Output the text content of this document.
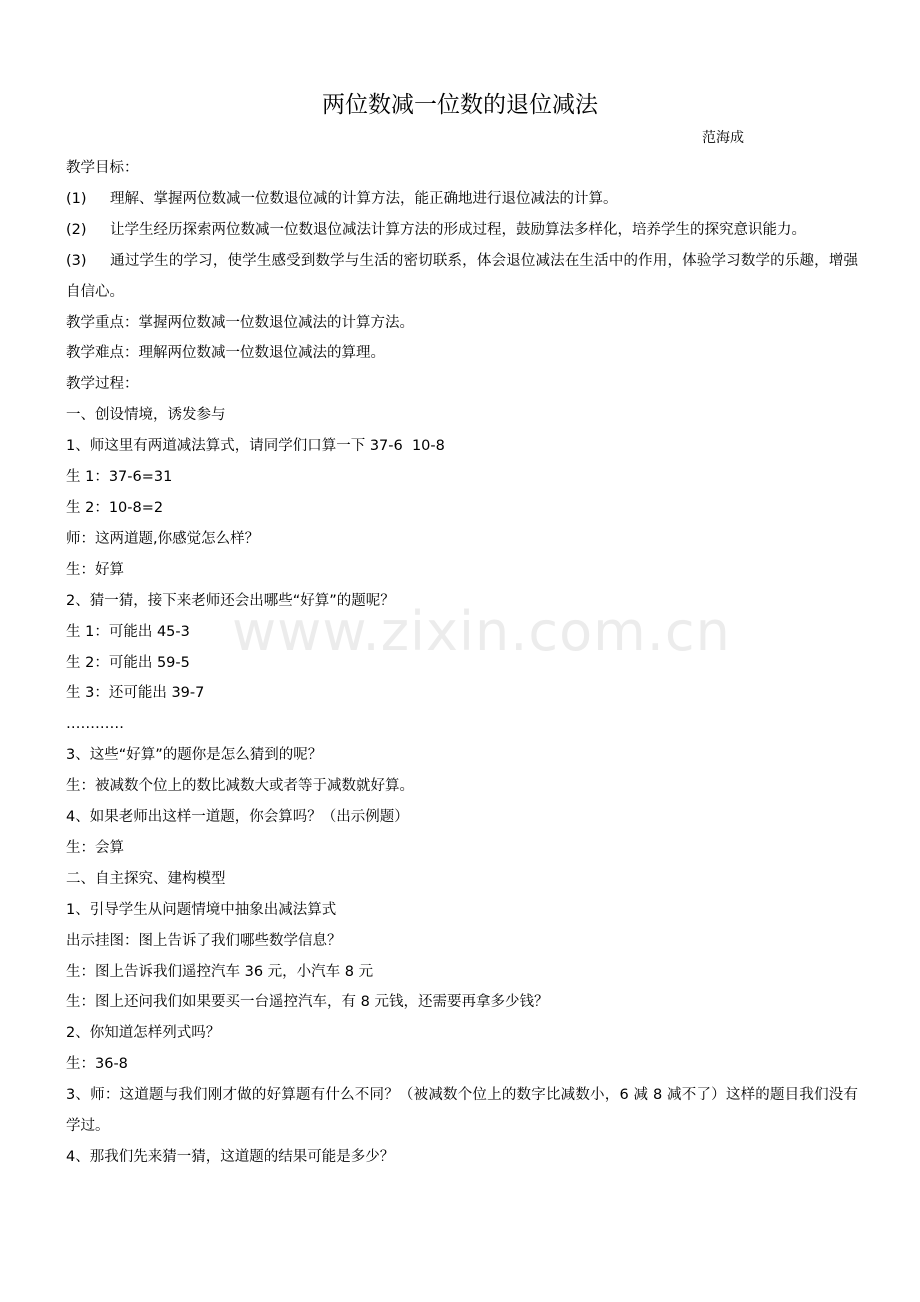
两位数减一位数的退位减法
范海成

教学目标：

(1) 理解、掌握两位数减一位数退位减的计算方法，能正确地进行退位减法的计算。

(2) 让学生经历探索两位数减一位数退位减法计算方法的形成过程，鼓励算法多样化，培养学生的探究意识能力。

(3) 通过学生的学习，使学生感受到数学与生活的密切联系，体会退位减法在生活中的作用，体验学习数学的乐趣，增强自信心。

教学重点：掌握两位数减一位数退位减法的计算方法。

教学难点：理解两位数减一位数退位减法的算理。

教学过程：

一、创设情境，诱发参与

1、师这里有两道减法算式，请同学们口算一下 37-6  10-8

生 1：37-6=31

生 2：10-8=2

师：这两道题,你感觉怎么样？

生：好算

2、猜一猜，接下来老师还会出哪些“好算”的题呢？

生 1：可能出 45-3

生 2：可能出 59-5

生 3：还可能出 39-7

…………

3、这些“好算”的题你是怎么猜到的呢？

生：被减数个位上的数比减数大或者等于减数就好算。

4、如果老师出这样一道题，你会算吗？（出示例题）

生：会算

二、自主探究、建构模型

1、引导学生从问题情境中抽象出减法算式

出示挂图：图上告诉了我们哪些数学信息？

生：图上告诉我们遥控汽车 36 元，小汽车 8 元

生：图上还问我们如果要买一台遥控汽车，有 8 元钱，还需要再拿多少钱？

2、你知道怎样列式吗？

生：36-8

3、师：这道题与我们刚才做的好算题有什么不同？（被减数个位上的数字比减数小，6 减 8 减不了）这样的题目我们没有学过。

4、那我们先来猜一猜，这道题的结果可能是多少？

www.zixin.com.cn
